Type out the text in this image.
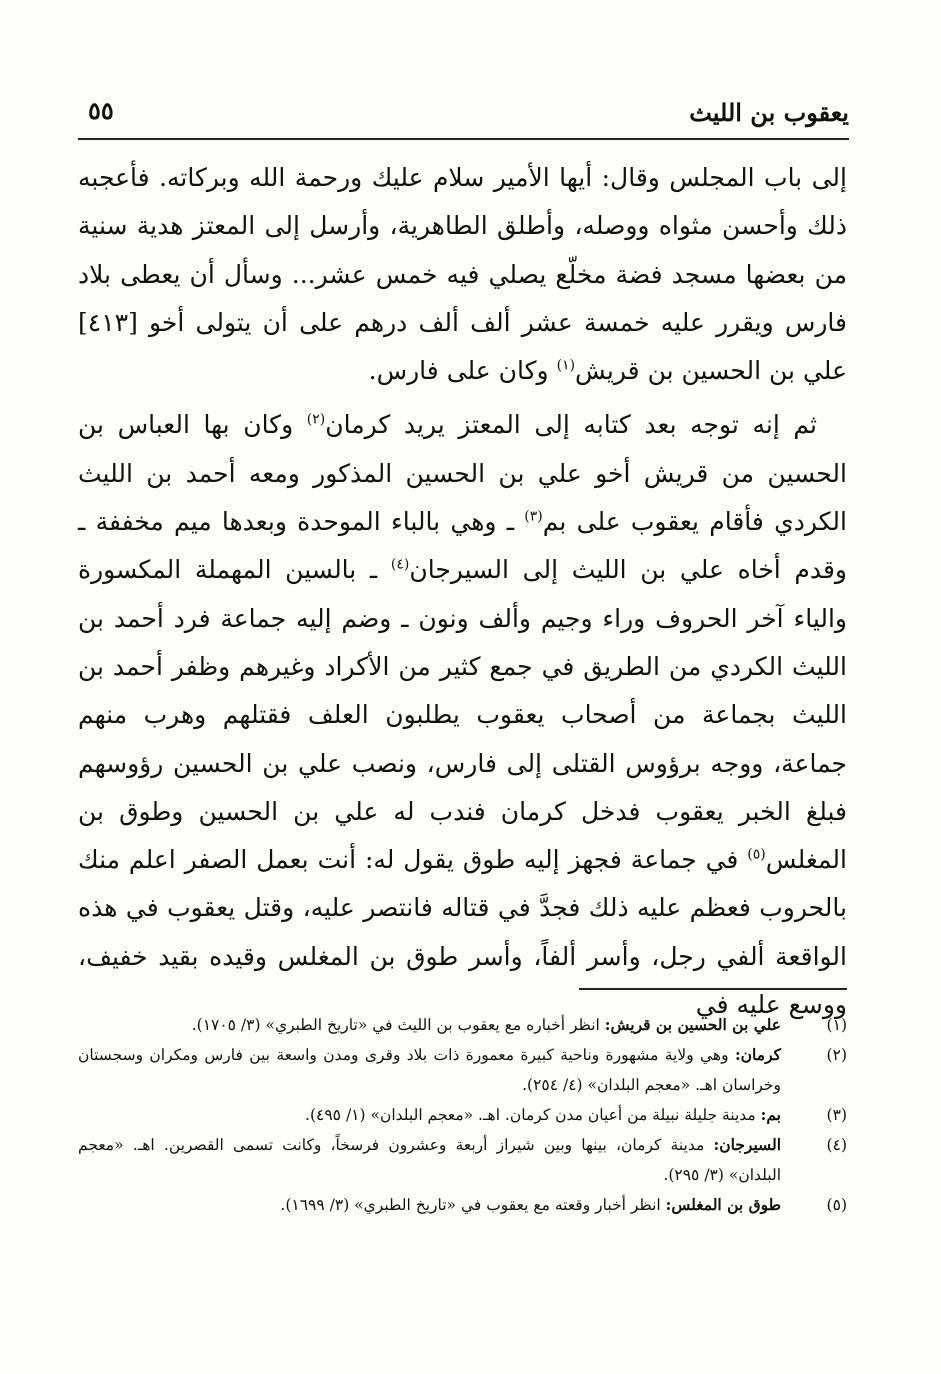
يعقوب بن الليث
٥٥

إلى باب المجلس وقال: أيها الأمير سلام عليك ورحمة الله وبركاته. فأعجبه ذلك وأحسن مثواه ووصله، وأطلق الطاهرية، وأرسل إلى المعتز هدية سنية من بعضها مسجد فضة مخلّع يصلي فيه خمس عشر... وسأل أن يعطى بلاد فارس ويقرر عليه خمسة عشر ألف ألف درهم على أن يتولى أخو [٤١٣] علي بن الحسين بن قريش$^{(١)}$ وكان على فارس.

ثم إنه توجه بعد كتابه إلى المعتز يريد كرمان$^{(٢)}$ وكان بها العباس بن الحسين من قريش أخو علي بن الحسين المذكور ومعه أحمد بن الليث الكردي فأقام يعقوب على بم$^{(٣)}$ ـ وهي بالباء الموحدة وبعدها ميم مخففة ـ وقدم أخاه علي بن الليث إلى السيرجان$^{(٤)}$ ـ بالسين المهملة المكسورة والياء آخر الحروف وراء وجيم وألف ونون ـ وضم إليه جماعة فرد أحمد بن الليث الكردي من الطريق في جمع كثير من الأكراد وغيرهم وظفر أحمد بن الليث بجماعة من أصحاب يعقوب يطلبون العلف فقتلهم وهرب منهم جماعة، ووجه برؤوس القتلى إلى فارس، ونصب علي بن الحسين رؤوسهم فبلغ الخبر يعقوب فدخل كرمان فندب له علي بن الحسين وطوق بن المغلس$^{(٥)}$ في جماعة فجهز إليه طوق يقول له: أنت بعمل الصفر اعلم منك بالحروب فعظم عليه ذلك فجدَّ في قتاله فانتصر عليه، وقتل يعقوب في هذه الواقعة ألفي رجل، وأسر ألفاً، وأسر طوق بن المغلس وقيده بقيد خفيف، ووسع عليه في

(١)
علي بن الحسين بن قريش: انظر أخباره مع يعقوب بن الليث في «تاريخ الطبري» (٣/ ١٧٠٥).
(٢)
كرمان: وهي ولاية مشهورة وناحية كبيرة معمورة ذات بلاد وقرى ومدن واسعة بين فارس ومكران وسجستان وخراسان اهـ. «معجم البلدان» (٤/ ٢٥٤).
(٣)
بم: مدينة جليلة نبيلة من أعيان مدن كرمان. اهـ. «معجم البلدان» (١/ ٤٩٥).
(٤)
السيرجان: مدينة كرمان، بينها وبين شيراز أربعة وعشرون فرسخاً، وكانت تسمى القصرين. اهـ. «معجم البلدان» (٣/ ٢٩٥).
(٥)
طوق بن المغلس: انظر أخبار وقعته مع يعقوب في «تاريخ الطبري» (٣/ ١٦٩٩).
